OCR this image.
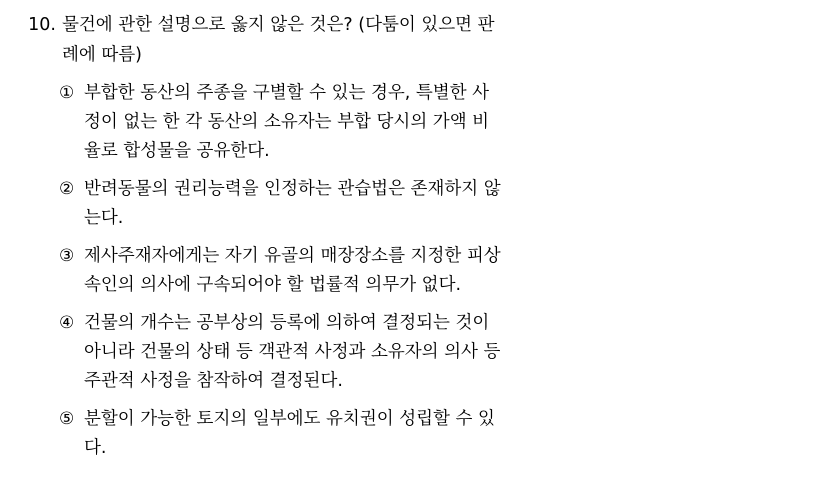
10. 물건에 관한 설명으로 옳지 않은 것은? (다툼이 있으면 판
례에 따름)
① 부합한 동산의 주종을 구별할 수 있는 경우, 특별한 사
정이 없는 한 각 동산의 소유자는 부합 당시의 가액 비
율로 합성물을 공유한다.
② 반려동물의 권리능력을 인정하는 관습법은 존재하지 않
는다.
③ 제사주재자에게는 자기 유골의 매장장소를 지정한 피상
속인의 의사에 구속되어야 할 법률적 의무가 없다.
④ 건물의 개수는 공부상의 등록에 의하여 결정되는 것이
아니라 건물의 상태 등 객관적 사정과 소유자의 의사 등
주관적 사정을 참작하여 결정된다.
⑤ 분할이 가능한 토지의 일부에도 유치권이 성립할 수 있
다.
